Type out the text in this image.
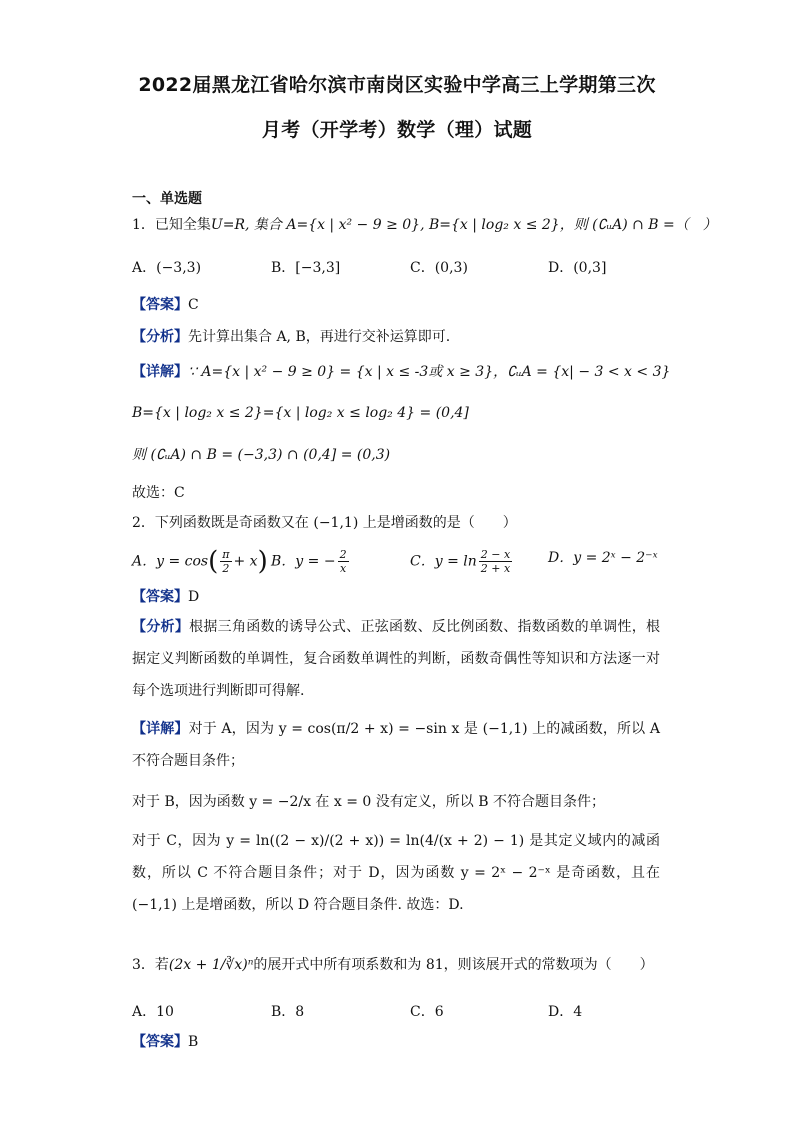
2022届黑龙江省哈尔滨市南岗区实验中学高三上学期第三次
月考（开学考）数学（理）试题
一、单选题
1．已知全集U=R, 集合 A={x | x² − 9 ≥ 0}, B={x | log₂ x ≤ 2}，则 (∁ᵤA) ∩ B =（　）
A．(−3,3)	B．[−3,3]	C．(0,3)	D．(0,3]
【答案】C
【分析】先计算出集合 A, B，再进行交补运算即可.
【详解】∵ A={x | x² − 9 ≥ 0} = {x | x ≤ -3或 x ≥ 3}，∁ᵤA = {x| − 3 < x < 3}
B={x | log₂ x ≤ 2}={x | log₂ x ≤ log₂ 4} = (0,4]
则 (∁ᵤA) ∩ B = (−3,3) ∩ (0,4] = (0,3)
故选：C
2．下列函数既是奇函数又在 (−1,1) 上是增函数的是（　　）
A．$y = \cos( \frac{\pi}{2} + x)$ B．y = − $\frac{2}{x}$	C．$y = \ln \frac{2 - x}{2 + x}$	D．y = 2ˣ − 2⁻ˣ
【答案】D
【分析】根据三角函数的诱导公式、正弦函数、反比例函数、指数函数的单调性，根据定义判断函数的单调性，复合函数单调性的判断，函数奇偶性等知识和方法逐一对每个选项进行判断即可得解.
【详解】对于 A，因为 y = cos(π/2 + x) = −sin x 是 (−1,1) 上的减函数，所以 A 不符合题目条件；
对于 B，因为函数 y = −2/x 在 x = 0 没有定义，所以 B 不符合题目条件；
对于 C，因为 y = ln((2 − x)/(2 + x)) = ln(4/(x + 2) − 1) 是其定义域内的减函数，所以 C 不符合题目条件；对于 D，因为函数 y = 2ˣ − 2⁻ˣ 是奇函数，且在 (−1,1) 上是增函数，所以 D 符合题目条件. 故选：D.
3．若(2x + 1/∛x)ⁿ的展开式中所有项系数和为 81，则该展开式的常数项为（　　）
A．10	B．8	C．6	D．4
【答案】B
